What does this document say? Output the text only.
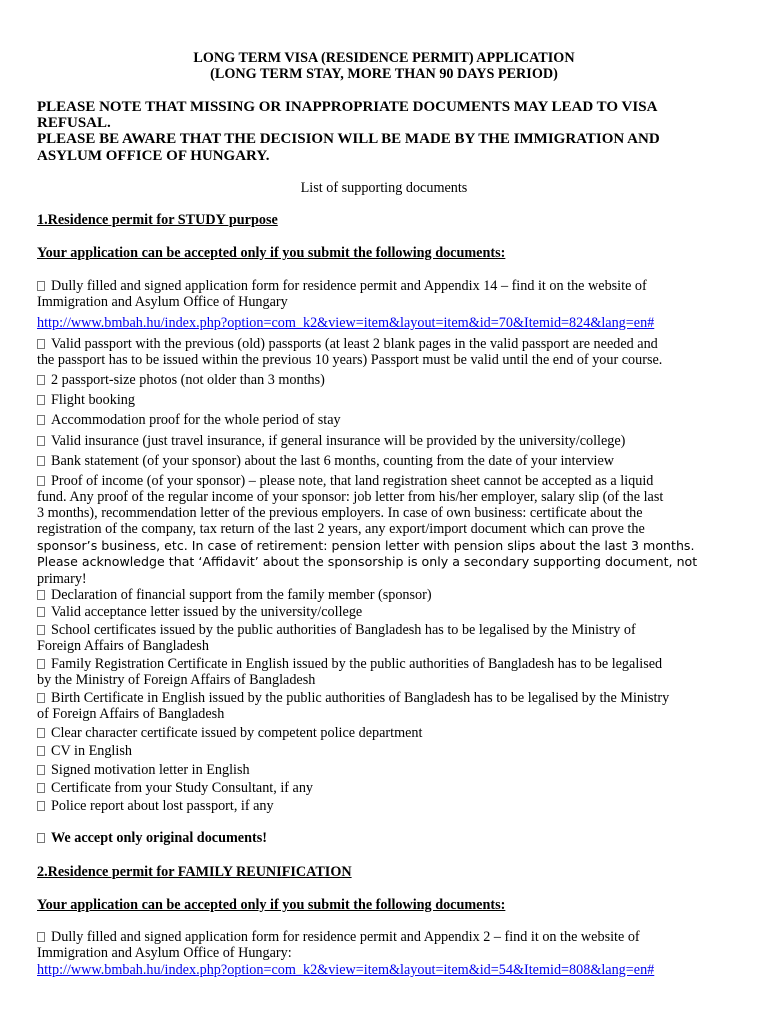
LONG TERM VISA (RESIDENCE PERMIT) APPLICATION
(LONG TERM STAY, MORE THAN 90 DAYS PERIOD)
PLEASE NOTE THAT MISSING OR INAPPROPRIATE DOCUMENTS MAY LEAD TO VISA
REFUSAL.
PLEASE BE AWARE THAT THE DECISION WILL BE MADE BY THE IMMIGRATION AND
ASYLUM OFFICE OF HUNGARY.
List of supporting documents
1.Residence permit for STUDY purpose
Your application can be accepted only if you submit the following documents:
Dully filled and signed application form for residence permit and Appendix 14 – find it on the website of
Immigration and Asylum Office of Hungary
http://www.bmbah.hu/index.php?option=com_k2&view=item&layout=item&id=70&Itemid=824&lang=en#
Valid passport with the previous (old) passports (at least 2 blank pages in the valid passport are needed and
the passport has to be issued within the previous 10 years) Passport must be valid until the end of your course.
2 passport-size photos (not older than 3 months)
Flight booking
Accommodation proof for the whole period of stay
Valid insurance (just travel insurance, if general insurance will be provided by the university/college)
Bank statement (of your sponsor) about the last 6 months, counting from the date of your interview
Proof of income (of your sponsor) – please note, that land registration sheet cannot be accepted as a liquid
fund. Any proof of the regular income of your sponsor: job letter from his/her employer, salary slip (of the last
3 months), recommendation letter of the previous employers. In case of own business: certificate about the
registration of the company, tax return of the last 2 years, any export/import document which can prove the
sponsor’s business, etc. In case of retirement: pension letter with pension slips about the last 3 months.
Please acknowledge that ‘Affidavit’ about the sponsorship is only a secondary supporting document, not
primary!
Declaration of financial support from the family member (sponsor)
Valid acceptance letter issued by the university/college
School certificates issued by the public authorities of Bangladesh has to be legalised by the Ministry of
Foreign Affairs of Bangladesh
Family Registration Certificate in English issued by the public authorities of Bangladesh has to be legalised
by the Ministry of Foreign Affairs of Bangladesh
Birth Certificate in English issued by the public authorities of Bangladesh has to be legalised by the Ministry
of Foreign Affairs of Bangladesh
Clear character certificate issued by competent police department
CV in English
Signed motivation letter in English
Certificate from your Study Consultant, if any
Police report about lost passport, if any
We accept only original documents!
2.Residence permit for FAMILY REUNIFICATION
Your application can be accepted only if you submit the following documents:
Dully filled and signed application form for residence permit and Appendix 2 – find it on the website of
Immigration and Asylum Office of Hungary:
http://www.bmbah.hu/index.php?option=com_k2&view=item&layout=item&id=54&Itemid=808&lang=en#
